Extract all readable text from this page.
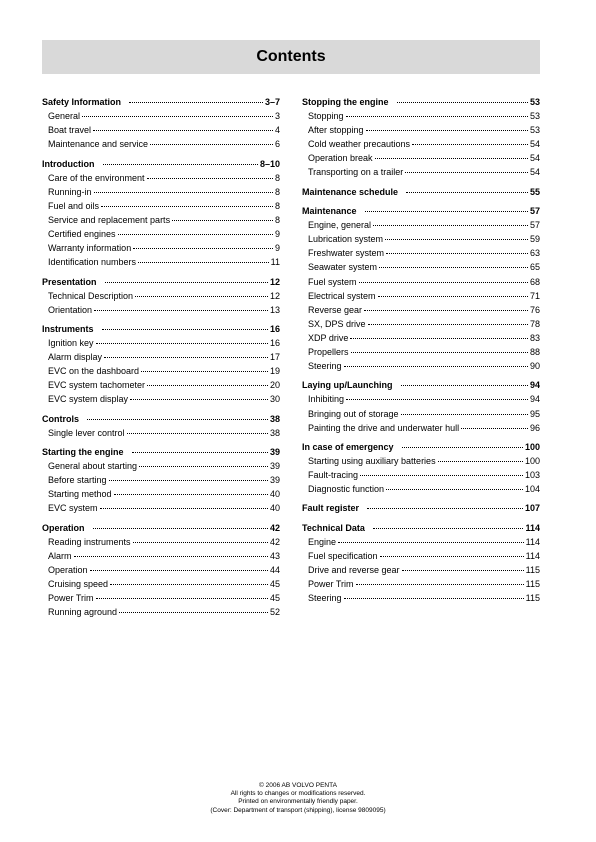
Contents
Safety Information	3–7
General	3
Boat travel	4
Maintenance and service	6
Introduction	8–10
Care of the environment	8
Running-in	8
Fuel and oils	8
Service and replacement parts	8
Certified engines	9
Warranty information	9
Identification numbers	11
Presentation	12
Technical Description	12
Orientation	13
Instruments	16
Ignition key	16
Alarm display	17
EVC on the dashboard	19
EVC system tachometer	20
EVC system display	30
Controls	38
Single lever control	38
Starting the engine	39
General about starting	39
Before starting	39
Starting method	40
EVC system	40
Operation	42
Reading instruments	42
Alarm	43
Operation	44
Cruising speed	45
Power Trim	45
Running aground	52
Stopping the engine	53
Stopping	53
After stopping	53
Cold weather precautions	54
Operation break	54
Transporting on a trailer	54
Maintenance schedule	55
Maintenance	57
Engine, general	57
Lubrication system	59
Freshwater system	63
Seawater system	65
Fuel system	68
Electrical system	71
Reverse gear	76
SX, DPS drive	78
XDP drive	83
Propellers	88
Steering	90
Laying up/Launching	94
Inhibiting	94
Bringing out of storage	95
Painting the drive and underwater hull	96
In case of emergency	100
Starting using auxiliary batteries	100
Fault-tracing	103
Diagnostic function	104
Fault register	107
Technical Data	114
Engine	114
Fuel specification	114
Drive and reverse gear	115
Power Trim	115
Steering	115
© 2006 AB VOLVO PENTA
All rights to changes or modifications reserved.
Printed on environmentally friendly paper.
(Cover: Department of transport (shipping), license 9809095)
